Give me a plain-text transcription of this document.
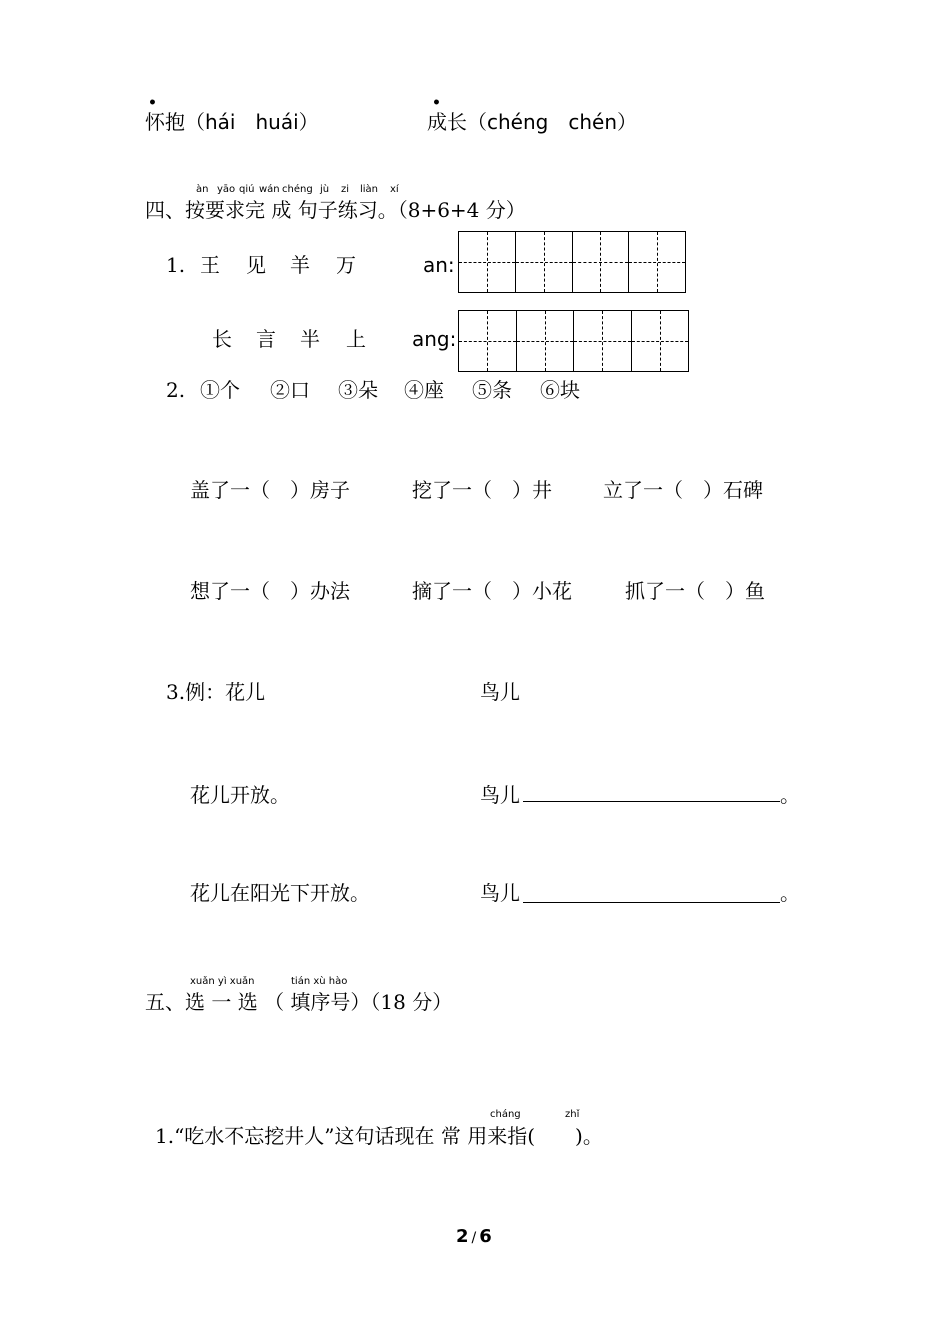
•
怀抱（hái　huái）
•
成长（chéng　chén）
àn yāo qiú wán chéng jù zi liàn xí
四、按要求完 成 句子练习。（8+6+4 分）
1. 王 见 羊 万	an:
长 言 半 上 ang:
2. ①个 ②口 ③朵 ④座 ⑤条 ⑥块
盖了一（　）房子	挖了一（　）井	立了一（　）石碑
想了一（　）办法	摘了一（　）小花	抓了一（　）鱼
3.例：花儿	鸟儿
花儿开放。	鸟儿	。
花儿在阳光下开放。	鸟儿	。
xuǎn yì xuǎn	tián xù hào
五、选 一 选 （ 填序号）（18 分）
cháng	zhǐ
1.“吃水不忘挖井人”这句话现在 常 用来指(　　)。
2 / 6
